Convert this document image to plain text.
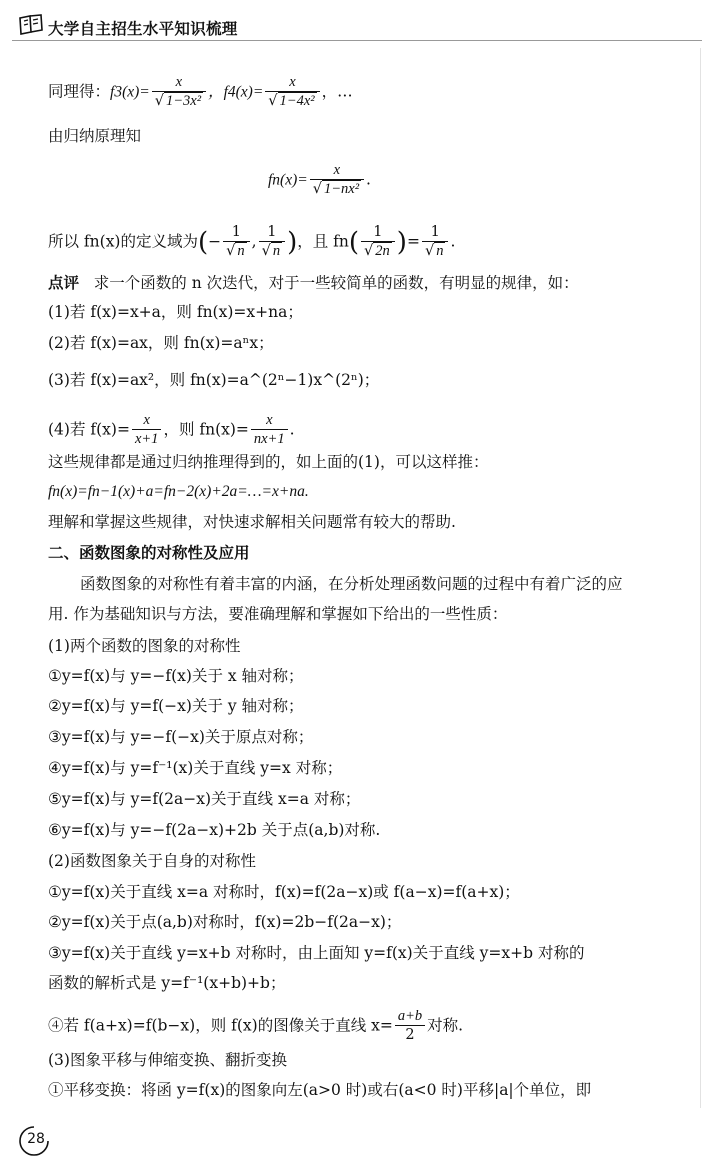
大学自主招生水平知识梳理
同理得：$f3(x)= \frac{x}{\text{√ 1−3x²}}$ ，$f4(x)= \frac{x}{\text{√ 1−4x²}}$ ，…
由归纳原理知
$fn(x)= \frac{x}{\text{√ 1−nx²}}$ .
所以 fn(x)的定义域为(− $\frac{1}{√ n}$ , $\frac{1}{√ n}$ )，且 $fn( \frac{1}{√ 2n}$ )= $\frac{1}{√ n}$ .
点评 求一个函数的 n 次迭代，对于一些较简单的函数，有明显的规律，如：
(1)若 f(x)=x+a，则 fn(x)=x+na；
(2)若 f(x)=ax，则 fn(x)=aⁿx；
(3)若 f(x)=ax²，则 fn(x)=a^(2ⁿ−1)x^(2ⁿ)；
(4)若 $f(x)= \frac{x}{x+1}$ ，则 $fn(x)= \frac{x}{nx+1}$ .
这些规律都是通过归纳推理得到的，如上面的(1)，可以这样推：
fn(x)=fn−1(x)+a=fn−2(x)+2a=…=x+na.
理解和掌握这些规律，对快速求解相关问题常有较大的帮助.
二、函数图象的对称性及应用
函数图象的对称性有着丰富的内涵，在分析处理函数问题的过程中有着广泛的应
用. 作为基础知识与方法，要准确理解和掌握如下给出的一些性质：
(1)两个函数的图象的对称性
①y=f(x)与 y=−f(x)关于 x 轴对称；
②y=f(x)与 y=f(−x)关于 y 轴对称；
③y=f(x)与 y=−f(−x)关于原点对称；
④y=f(x)与 y=f⁻¹(x)关于直线 y=x 对称；
⑤y=f(x)与 y=f(2a−x)关于直线 x=a 对称；
⑥y=f(x)与 y=−f(2a−x)+2b 关于点(a,b)对称.
(2)函数图象关于自身的对称性
①y=f(x)关于直线 x=a 对称时，f(x)=f(2a−x)或 f(a−x)=f(a+x)；
②y=f(x)关于点(a,b)对称时，f(x)=2b−f(2a−x)；
③y=f(x)关于直线 y=x+b 对称时，由上面知 y=f(x)关于直线 y=x+b 对称的
函数的解析式是 y=f⁻¹(x+b)+b；
④若 f(a+x)=f(b−x)，则 f(x)的图像关于直线 $x= \frac{a+b}{2}$ 对称.
(3)图象平移与伸缩变换、翻折变换
①平移变换：将函 y=f(x)的图象向左(a>0 时)或右(a<0 时)平移|a|个单位，即
28
